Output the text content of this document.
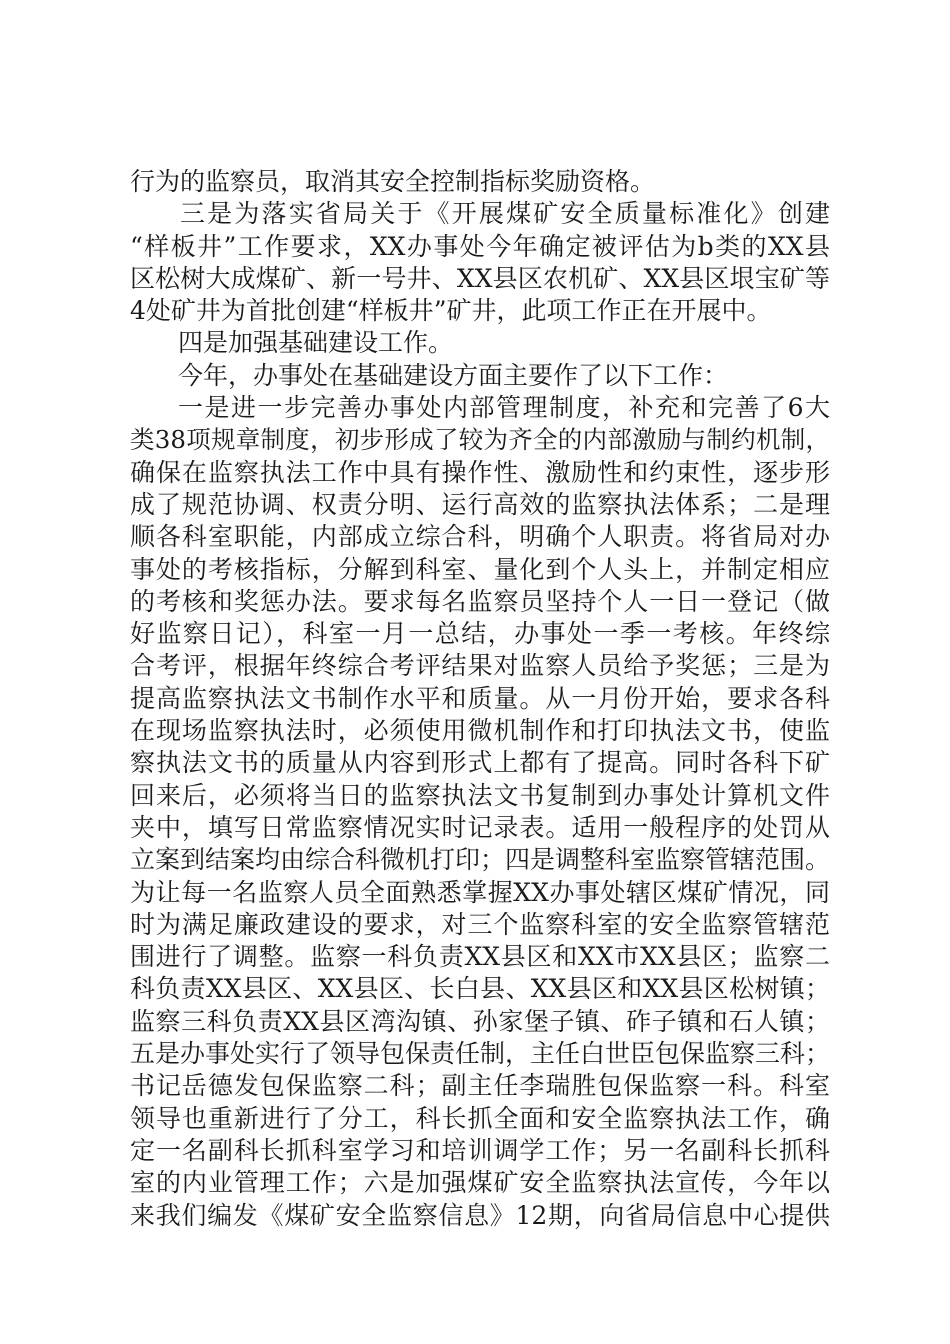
行为的监察员，取消其安全控制指标奖励资格。
三是为落实省局关于《开展煤矿安全质量标准化》创建
“样板井”工作要求，XX办事处今年确定被评估为b类的XX县
区松树大成煤矿、新一号井、XX县区农机矿、XX县区垠宝矿等
4处矿井为首批创建“样板井”矿井，此项工作正在开展中。
四是加强基础建设工作。
今年，办事处在基础建设方面主要作了以下工作：
一是进一步完善办事处内部管理制度，补充和完善了6大
类38项规章制度，初步形成了较为齐全的内部激励与制约机制，
确保在监察执法工作中具有操作性、激励性和约束性，逐步形
成了规范协调、权责分明、运行高效的监察执法体系；二是理
顺各科室职能，内部成立综合科，明确个人职责。将省局对办
事处的考核指标，分解到科室、量化到个人头上，并制定相应
的考核和奖惩办法。要求每名监察员坚持个人一日一登记（做
好监察日记），科室一月一总结，办事处一季一考核。年终综
合考评，根据年终综合考评结果对监察人员给予奖惩；三是为
提高监察执法文书制作水平和质量。从一月份开始，要求各科
在现场监察执法时，必须使用微机制作和打印执法文书，使监
察执法文书的质量从内容到形式上都有了提高。同时各科下矿
回来后，必须将当日的监察执法文书复制到办事处计算机文件
夹中，填写日常监察情况实时记录表。适用一般程序的处罚从
立案到结案均由综合科微机打印；四是调整科室监察管辖范围。
为让每一名监察人员全面熟悉掌握XX办事处辖区煤矿情况，同
时为满足廉政建设的要求，对三个监察科室的安全监察管辖范
围进行了调整。监察一科负责XX县区和XX市XX县区；监察二
科负责XX县区、XX县区、长白县、XX县区和XX县区松树镇；
监察三科负责XX县区湾沟镇、孙家堡子镇、砟子镇和石人镇；
五是办事处实行了领导包保责任制，主任白世臣包保监察三科；
书记岳德发包保监察二科；副主任李瑞胜包保监察一科。科室
领导也重新进行了分工，科长抓全面和安全监察执法工作，确
定一名副科长抓科室学习和培训调学工作；另一名副科长抓科
室的内业管理工作；六是加强煤矿安全监察执法宣传，今年以
来我们编发《煤矿安全监察信息》12期，向省局信息中心提供
